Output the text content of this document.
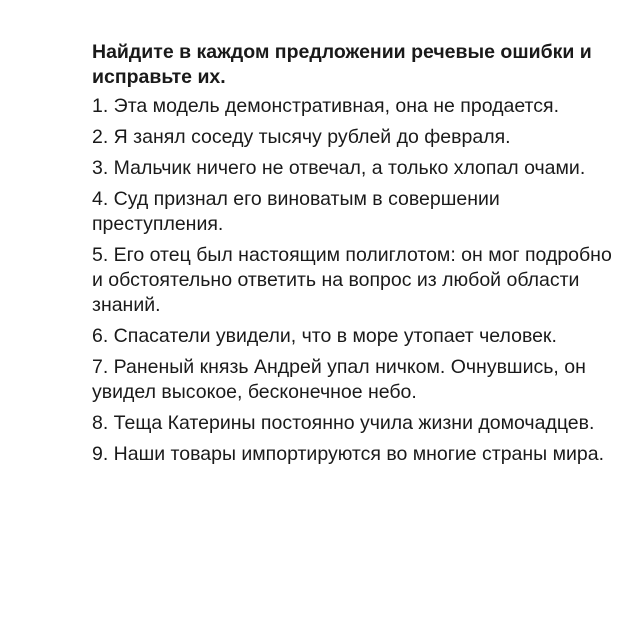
Найдите в каждом предложении речевые ошибки и исправьте их.
1. Эта модель демонстративная, она не продается.
2. Я занял соседу тысячу рублей до февраля.
3. Мальчик ничего не отвечал, а только хлопал очами.
4. Суд признал его виноватым в совершении преступления.
5. Его отец был настоящим полиглотом: он мог подробно и обстоятельно ответить на вопрос из любой области знаний.
6. Спасатели увидели, что в море утопает человек.
7. Раненый князь Андрей упал ничком. Очнувшись, он увидел высокое, бесконечное небо.
8. Теща Катерины постоянно учила жизни домочадцев.
9. Наши товары импортируются во многие страны мира.
